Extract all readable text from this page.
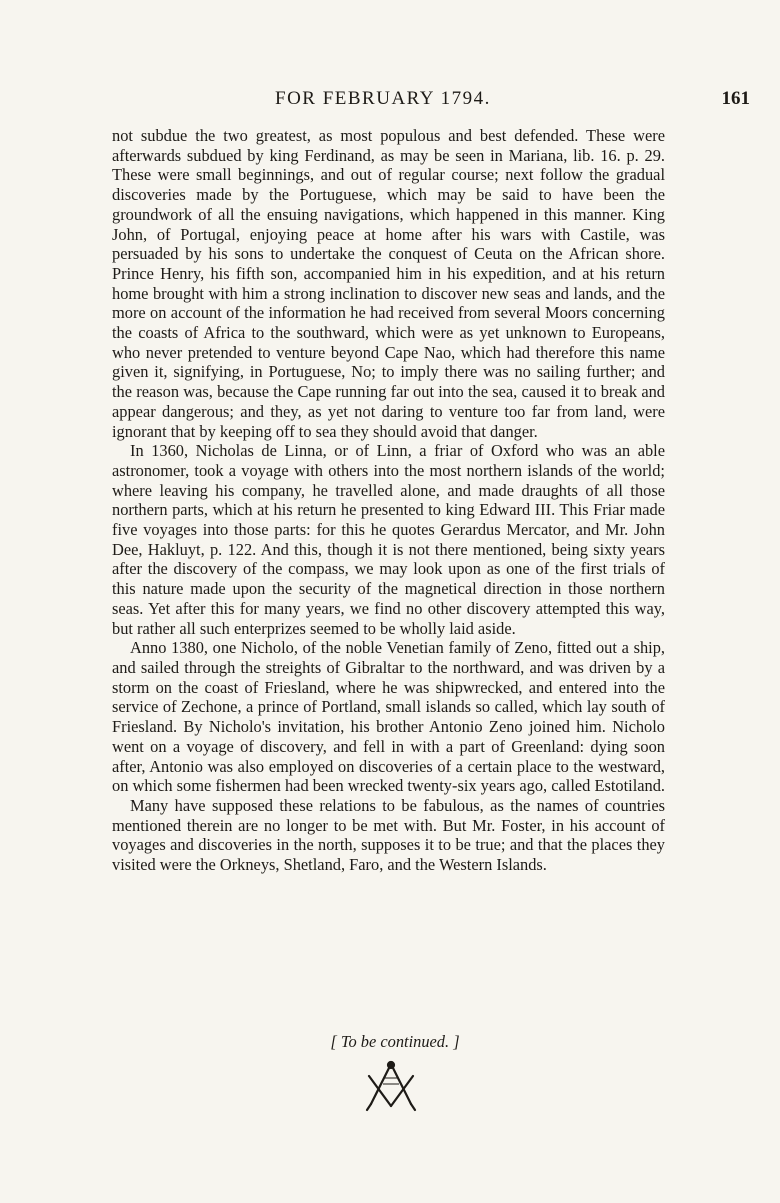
FOR FEBRUARY 1794.	161

not subdue the two greatest, as most populous and best defended. These were afterwards subdued by king Ferdinand, as may be seen in Mariana, lib. 16. p. 29. These were small beginnings, and out of regular course; next follow the gradual discoveries made by the Portuguese, which may be said to have been the groundwork of all the ensuing navigations, which happened in this manner. King John, of Portugal, enjoying peace at home after his wars with Castile, was persuaded by his sons to undertake the conquest of Ceuta on the African shore. Prince Henry, his fifth son, accompanied him in his expedition, and at his return home brought with him a strong inclination to discover new seas and lands, and the more on account of the information he had received from several Moors concerning the coasts of Africa to the southward, which were as yet unknown to Europeans, who never pretended to venture beyond Cape Nao, which had therefore this name given it, signifying, in Portuguese, No; to imply there was no sailing further; and the reason was, because the Cape running far out into the sea, caused it to break and appear dangerous; and they, as yet not daring to venture too far from land, were ignorant that by keeping off to sea they should avoid that danger.

In 1360, Nicholas de Linna, or of Linn, a friar of Oxford who was an able astronomer, took a voyage with others into the most northern islands of the world; where leaving his company, he travelled alone, and made draughts of all those northern parts, which at his return he presented to king Edward III. This Friar made five voyages into those parts: for this he quotes Gerardus Mercator, and Mr. John Dee, Hakluyt, p. 122. And this, though it is not there mentioned, being sixty years after the discovery of the compass, we may look upon as one of the first trials of this nature made upon the security of the magnetical direction in those northern seas. Yet after this for many years, we find no other discovery attempted this way, but rather all such enterprizes seemed to be wholly laid aside.

Anno 1380, one Nicholo, of the noble Venetian family of Zeno, fitted out a ship, and sailed through the streights of Gibraltar to the northward, and was driven by a storm on the coast of Friesland, where he was shipwrecked, and entered into the service of Zechone, a prince of Portland, small islands so called, which lay south of Friesland. By Nicholo's invitation, his brother Antonio Zeno joined him. Nicholo went on a voyage of discovery, and fell in with a part of Greenland: dying soon after, Antonio was also employed on discoveries of a certain place to the westward, on which some fishermen had been wrecked twenty-six years ago, called Estotiland.

Many have supposed these relations to be fabulous, as the names of countries mentioned therein are no longer to be met with. But Mr. Foster, in his account of voyages and discoveries in the north, supposes it to be true; and that the places they visited were the Orkneys, Shetland, Faro, and the Western Islands.

[ To be continued. ]
